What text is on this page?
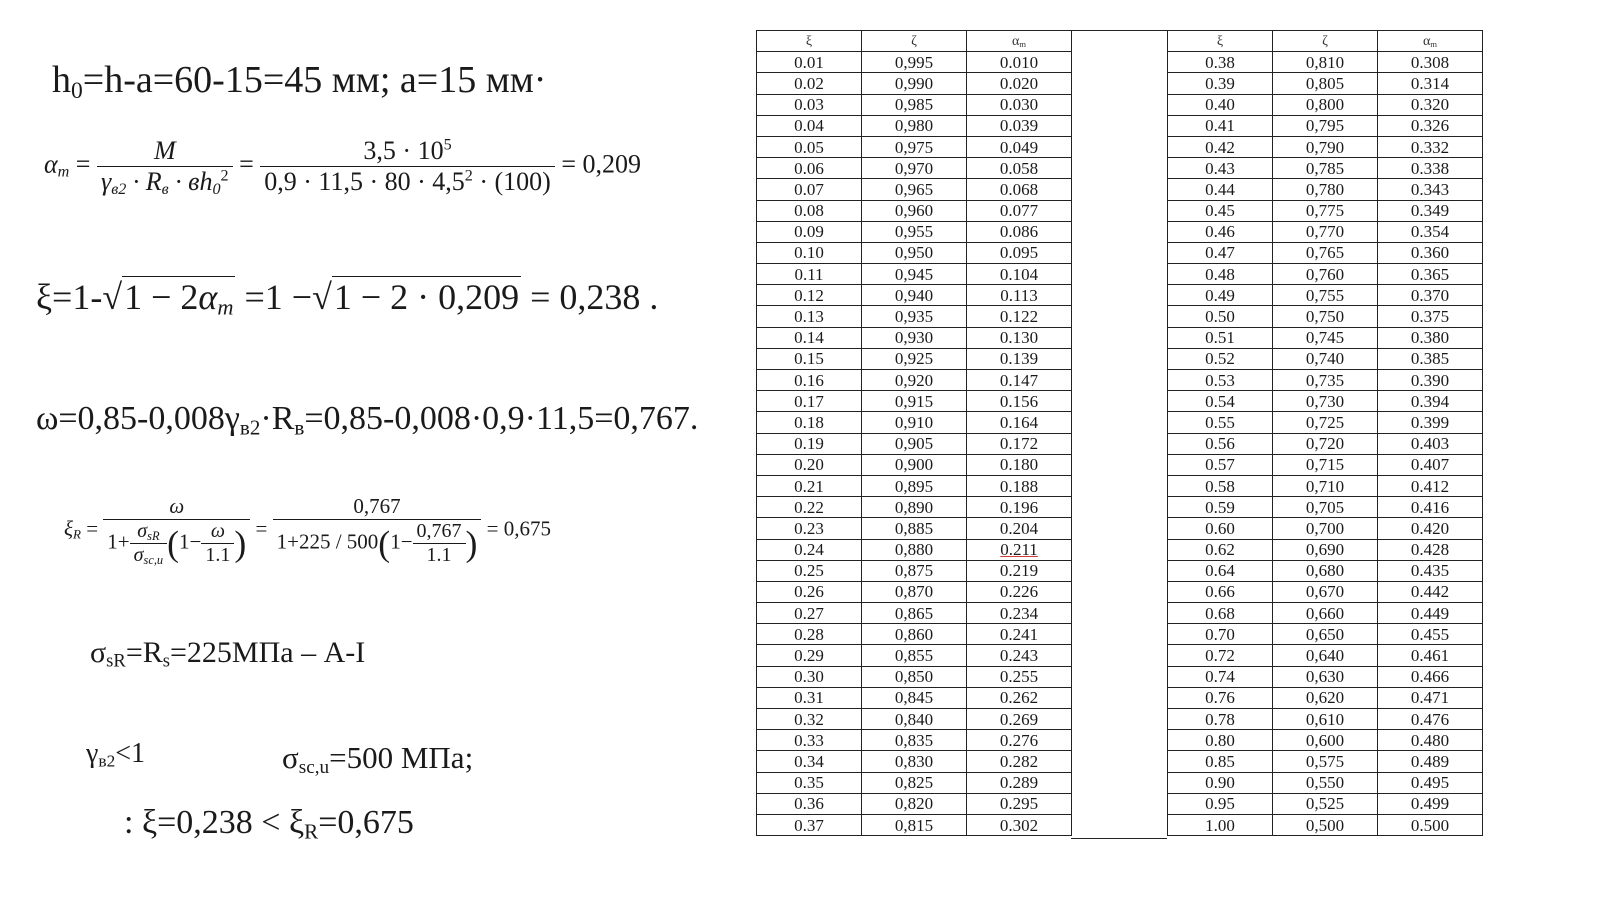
$h_0=h-a=60-15=45$ мм; a=15 мм·
$\alpha_m = \frac{M}{\gamma_{в2} \cdot R_в \cdot вh_0^2} = \frac{3,5 \cdot 10^5}{0,9 \cdot 11,5 \cdot 80 \cdot 4,5^2 \cdot (100)} = 0,209$
$\xi=1-√1 - 2\alpha_m =1 -√1 - 2 \cdot 0,209 = 0,238$ .
$\omega=0,85-0,008\gamma_{в2}\cdot R_в=0,85-0,008\cdot 0,9\cdot 11,5=0,767$.
$\xi_R = \frac{\omega}{1+ \frac{\sigma_{sR}}{\sigma_{sc,u}} (1- \frac{\omega}{1.1} )} = \frac{0,767}{1+225 / 500(1- \frac{0,767}{1.1} )} = 0,675$
$\sigma_{sR}=R_s=225МПа - A-I$
$\gamma_{в2}<1$	$\sigma_{sc,u}=500$ МПа;
: $\xi=0,238 < \xi_R=0,675$
ξ	ζ	$\alpha_m$
0.01	0,995	0.010
0.02	0,990	0.020
0.03	0,985	0.030
0.04	0,980	0.039
0.05	0,975	0.049
0.06	0,970	0.058
0.07	0,965	0.068
0.08	0,960	0.077
0.09	0,955	0.086
0.10	0,950	0.095
0.11	0,945	0.104
0.12	0,940	0.113
0.13	0,935	0.122
0.14	0,930	0.130
0.15	0,925	0.139
0.16	0,920	0.147
0.17	0,915	0.156
0.18	0,910	0.164
0.19	0,905	0.172
0.20	0,900	0.180
0.21	0,895	0.188
0.22	0,890	0.196
0.23	0,885	0.204
0.24	0,880	0.211
0.25	0,875	0.219
0.26	0,870	0.226
0.27	0,865	0.234
0.28	0,860	0.241
0.29	0,855	0.243
0.30	0,850	0.255
0.31	0,845	0.262
0.32	0,840	0.269
0.33	0,835	0.276
0.34	0,830	0.282
0.35	0,825	0.289
0.36	0,820	0.295
0.37	0,815	0.302
ξ	ζ	$\alpha_m$
0.38	0,810	0.308
0.39	0,805	0.314
0.40	0,800	0.320
0.41	0,795	0.326
0.42	0,790	0.332
0.43	0,785	0.338
0.44	0,780	0.343
0.45	0,775	0.349
0.46	0,770	0.354
0.47	0,765	0.360
0.48	0,760	0.365
0.49	0,755	0.370
0.50	0,750	0.375
0.51	0,745	0.380
0.52	0,740	0.385
0.53	0,735	0.390
0.54	0,730	0.394
0.55	0,725	0.399
0.56	0,720	0.403
0.57	0,715	0.407
0.58	0,710	0.412
0.59	0,705	0.416
0.60	0,700	0.420
0.62	0,690	0.428
0.64	0,680	0.435
0.66	0,670	0.442
0.68	0,660	0.449
0.70	0,650	0.455
0.72	0,640	0.461
0.74	0,630	0.466
0.76	0,620	0.471
0.78	0,610	0.476
0.80	0,600	0.480
0.85	0,575	0.489
0.90	0,550	0.495
0.95	0,525	0.499
1.00	0,500	0.500
